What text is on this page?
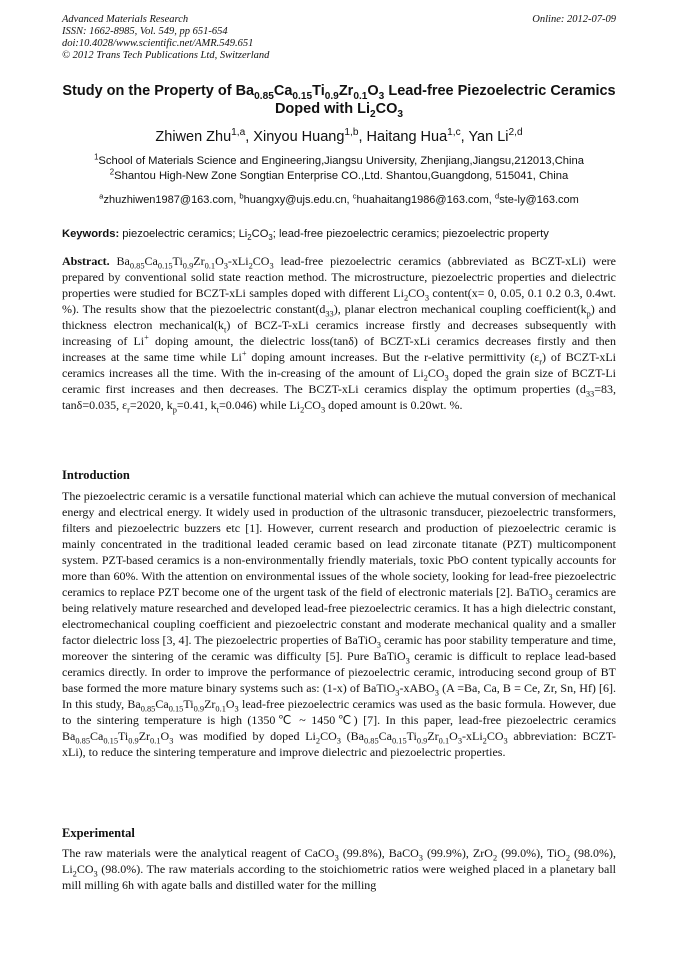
Advanced Materials Research
ISSN: 1662-8985, Vol. 549, pp 651-654
doi:10.4028/www.scientific.net/AMR.549.651
© 2012 Trans Tech Publications Ltd, Switzerland
Online: 2012-07-09
Study on the Property of $Ba_{0.85}Ca_{0.15}Ti_{0.9}Zr_{0.1}O_3$ Lead-free Piezoelectric Ceramics Doped with $Li_2CO_3$
Zhiwen Zhu$^{1,a}$, Xinyou Huang$^{1,b}$, Haitang Hua$^{1,c}$, Yan Li$^{2,d}$
$^1$School of Materials Science and Engineering,Jiangsu University, Zhenjiang,Jiangsu,212013,China
$^2$Shantou High-New Zone Songtian Enterprise CO.,Ltd. Shantou,Guangdong, 515041, China
$^a$zhuzhiwen1987@163.com, $^b$huangxy@ujs.edu.cn, $^c$huahaitang1986@163.com, $^d$ste-ly@163.com
Keywords: piezoelectric ceramics; $Li_2CO_3$; lead-free piezoelectric ceramics; piezoelectric property
Abstract. $Ba_{0.85}Ca_{0.15}Ti_{0.9}Zr_{0.1}O_3-xLi_2CO_3$ lead-free piezoelectric ceramics (abbreviated as BCZT-xLi) were prepared by conventional solid state reaction method. The microstructure, piezoelectric properties and dielectric properties were studied for BCZT-xLi samples doped with different $Li_2CO_3$ content(x= 0, 0.05, 0.1 0.2 0.3, 0.4wt. %). The results show that the piezoelectric $constant(d_{33})$, planar electron mechanical coupling $coefficient(k_p)$ and thickness electron $mechanical(k_t)$ of BCZ-T-xLi ceramics increase firstly and decreases subsequently with increasing of Li+ doping amount, the dielectric loss(tanδ) of BCZT-xLi ceramics decreases firstly and then increases at the same time while Li+ doping amount increases. But the r-elative permittivity $(\varepsilon_r)$ of BCZT-xLi ceramics increases all the time. With the in-creasing of the amount of $Li_2CO_3$ doped the grain size of BCZT-Li ceramic first increases and then decreases. The BCZT-xLi ceramics display the optimum properties ($d_{33}=83$, tanδ=0.035, $\varepsilon_r=2020$, $k_p=0.41$, $k_t=0.046$) while $Li_2CO_3$ doped amount is 0.20wt. %.
Introduction
The piezoelectric ceramic is a versatile functional material which can achieve the mutual conversion of mechanical energy and electrical energy. It widely used in production of the ultrasonic transducer, piezoelectric transformers, filters and piezoelectric buzzers etc [1]. However, current research and production of piezoelectric ceramic is mainly concentrated in the traditional leaded ceramic based on lead zirconate titanate (PZT) multicomponent system. PZT-based ceramics is a non-environmentally friendly materials, toxic PbO content typically accounts for more than 60%. With the attention on environmental issues of the whole society, looking for lead-free piezoelectric ceramics to replace PZT become one of the urgent task of the field of electronic materials [2]. BaTiO$_3$ ceramics are being relatively mature researched and developed lead-free piezoelectric ceramics. It has a high dielectric constant, electromechanical coupling coefficient and piezoelectric constant and moderate mechanical quality and a smaller factor dielectric loss [3, 4]. The piezoelectric properties of BaTiO$_3$ ceramic has poor stability temperature and time, moreover the sintering of the ceramic was difficulty [5]. Pure BaTiO$_3$ ceramic is difficult to replace lead-based ceramics directly. In order to improve the performance of piezoelectric ceramic, introducing second group of BT base formed the more mature binary systems such as: (1-x) of BaTiO$_3$-xABO$_3$ (A =Ba, Ca, B = Ce, Zr, Sn, Hf) [6]. In this study, $Ba_{0.85}Ca_{0.15}Ti_{0.9}Zr_{0.1}O_3$ lead-free piezoelectric ceramics was used as the basic formula. However, due to the sintering temperature is high (1350℃ ~ 1450℃) [7]. In this paper, lead-free piezoelectric ceramics $Ba_{0.85}Ca_{0.15}Ti_{0.9}Zr_{0.1}O_3$ was modified by doped $Li_2CO_3$ ($Ba_{0.85}Ca_{0.15}Ti_{0.9}Zr_{0.1}O_3-xLi_2CO_3$ abbreviation: BCZT-xLi), to reduce the sintering temperature and improve dielectric and piezoelectric properties.
Experimental
The raw materials were the analytical reagent of CaCO$_3$ (99.8%), BaCO$_3$ (99.9%), ZrO$_2$ (99.0%), TiO$_2$ (98.0%), $Li_2CO_3$ (98.0%). The raw materials according to the stoichiometric ratios were weighed placed in a planetary ball mill milling 6h with agate balls and distilled water for the milling
